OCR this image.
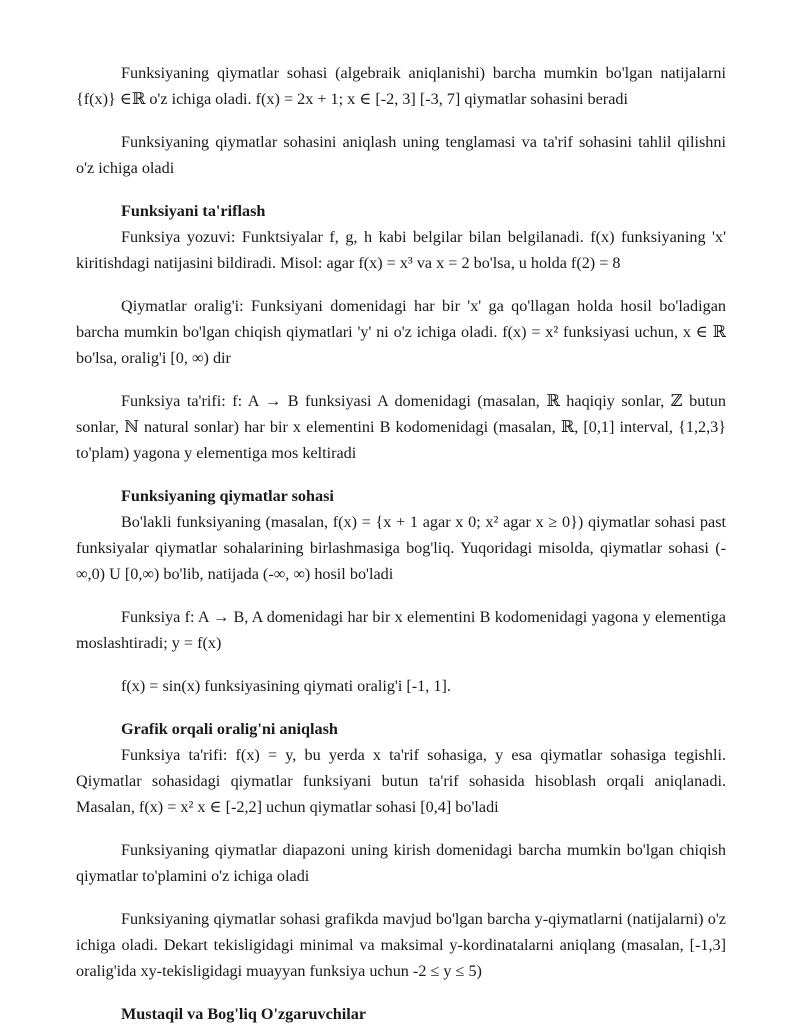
Funksiyaning qiymatlar sohasi (algebraik aniqlanishi) barcha mumkin bo'lgan natijalarni {f(x)} ∈ℝ o'z ichiga oladi. f(x) = 2x + 1; x ∈ [-2, 3] [-3, 7] qiymatlar sohasini beradi

Funksiyaning qiymatlar sohasini aniqlash uning tenglamasi va ta'rif sohasini tahlil qilishni o'z ichiga oladi

Funksiyani ta'riflash

Funksiya yozuvi: Funktsiyalar f, g, h kabi belgilar bilan belgilanadi. f(x) funksiyaning 'x' kiritishdagi natijasini bildiradi. Misol: agar f(x) = x³ va x = 2 bo'lsa, u holda f(2) = 8

Qiymatlar oralig'i: Funksiyani domenidagi har bir 'x' ga qo'llagan holda hosil bo'ladigan barcha mumkin bo'lgan chiqish qiymatlari 'y' ni o'z ichiga oladi. f(x) = x² funksiyasi uchun, x ∈ ℝ bo'lsa, oralig'i [0, ∞) dir

Funksiya ta'rifi: f: A → B funksiyasi A domenidagi (masalan, ℝ haqiqiy sonlar, ℤ butun sonlar, ℕ natural sonlar) har bir x elementini B kodomenidagi (masalan, ℝ, [0,1] interval, {1,2,3} to'plam) yagona y elementiga mos keltiradi

Funksiyaning qiymatlar sohasi

Bo'lakli funksiyaning (masalan, f(x) = {x + 1 agar x 0; x² agar x ≥ 0}) qiymatlar sohasi past funksiyalar qiymatlar sohalarining birlashmasiga bog'liq. Yuqoridagi misolda, qiymatlar sohasi (-∞,0) U [0,∞) bo'lib, natijada (-∞, ∞) hosil bo'ladi

Funksiya f: A → B, A domenidagi har bir x elementini B kodomenidagi yagona y elementiga moslashtiradi; y = f(x)

f(x) = sin(x) funksiyasining qiymati oralig'i [-1, 1].

Grafik orqali oralig'ni aniqlash

Funksiya ta'rifi: f(x) = y, bu yerda x ta'rif sohasiga, y esa qiymatlar sohasiga tegishli. Qiymatlar sohasidagi qiymatlar funksiyani butun ta'rif sohasida hisoblash orqali aniqlanadi. Masalan, f(x) = x² x ∈ [-2,2] uchun qiymatlar sohasi [0,4] bo'ladi

Funksiyaning qiymatlar diapazoni uning kirish domenidagi barcha mumkin bo'lgan chiqish qiymatlar to'plamini o'z ichiga oladi

Funksiyaning qiymatlar sohasi grafikda mavjud bo'lgan barcha y-qiymatlarni (natijalarni) o'z ichiga oladi. Dekart tekisligidagi minimal va maksimal y-kordinatalarni aniqlang (masalan, [-1,3] oralig'ida xy-tekisligidagi muayyan funksiya uchun -2 ≤ y ≤ 5)

Mustaqil va Bog'liq O'zgaruvchilar
